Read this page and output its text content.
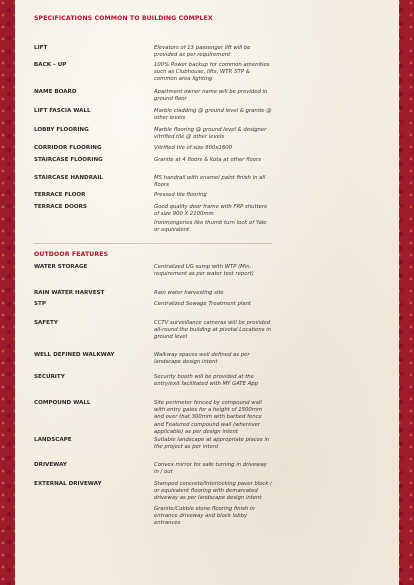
SPECIFICATIONS COMMON TO BUILDING COMPLEX
LIFT	Elevators of 13 passenger lift will be provided as per requirement
BACK – UP	100% Power backup for common amenities such as Clubhouse, lifts, WTP, STP & common area lighting
NAME BOARD	Apartment owner name will be provided in ground floor
LIFT FASCIA WALL	Marble cladding @ ground level & granite @ other levels
LOBBY FLOORING	Marble flooring @ ground level & designer vitrified tile @ other levels
CORRIDOR FLOORING	Vitrified tile of size 800x1600
STAIRCASE FLOORING	Granite at 4 floors & Kota at other floors
STAIRCASE HANDRAIL	MS handrail with enamel paint finish in all floors
TERRACE FLOOR	Pressed tile flooring
TERRACE DOORS	Good quality door frame with FRP shutters of size 900 X 2100mm
Ironmongeries like thumb turn lock of Yale or equivalent
OUTDOOR FEATURES
WATER STORAGE	Centralized UG sump with WTP (Min. requirement as per water test report)
RAIN WATER HARVEST	Rain water harvesting site
STP	Centralized Sewage Treatment plant
SAFETY	CCTV surveillance cameras will be provided all-round the building at pivotal Locations in ground level
WELL DEFINED WALKWAY	Walkway spaces well defined as per landscape design intent
SECURITY	Security booth will be provided at the entry/exit facilitated with MY GATE App
COMPOUND WALL	Site perimeter fenced by compound wall with entry gates for a height of 1500mm and over that 300mm with barbed fence and Featured compound wall (wherever applicable) as per design intent
LANDSCAPE	Suitable landscape at appropriate places in the project as per intent
DRIVEWAY	Convex mirror for safe turning in driveway in / out
EXTERNAL DRIVEWAY	Stamped concrete/Interlocking paver block / or equivalent flooring with demarcated driveway as per landscape design intent
Granite/Cobble stone flooring finish in entrance driveway and block lobby entrances
